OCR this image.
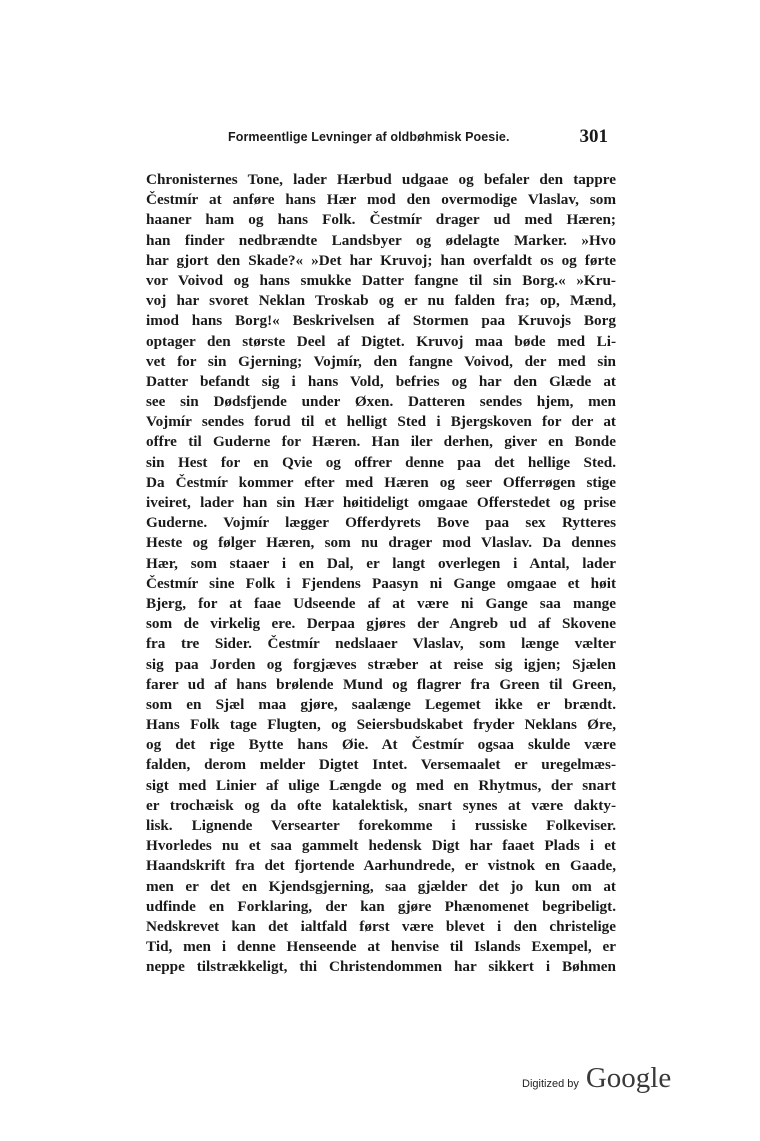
Formeentlige Levninger af oldbøhmisk Poesie.	301
Chronisternes Tone, lader Hærbud udgaae og befaler den tappre
Čestmír at anføre hans Hær mod den overmodige Vlaslav, som
haaner ham og hans Folk. Čestmír drager ud med Hæren;
han finder nedbrændte Landsbyer og ødelagte Marker. »Hvo
har gjort den Skade?« »Det har Kruvoj; han overfaldt os og førte
vor Voivod og hans smukke Datter fangne til sin Borg.« »Kru-
voj har svoret Neklan Troskab og er nu falden fra; op, Mænd,
imod hans Borg!« Beskrivelsen af Stormen paa Kruvojs Borg
optager den største Deel af Digtet. Kruvoj maa bøde med Li-
vet for sin Gjerning; Vojmír, den fangne Voivod, der med sin
Datter befandt sig i hans Vold, befries og har den Glæde at
see sin Dødsfjende under Øxen. Datteren sendes hjem, men
Vojmír sendes forud til et helligt Sted i Bjergskoven for der at
offre til Guderne for Hæren. Han iler derhen, giver en Bonde
sin Hest for en Qvie og offrer denne paa det hellige Sted.
Da Čestmír kommer efter med Hæren og seer Offerrøgen stige
iveiret, lader han sin Hær høitideligt omgaae Offerstedet og prise
Guderne. Vojmír lægger Offerdyrets Bove paa sex Rytteres
Heste og følger Hæren, som nu drager mod Vlaslav. Da dennes
Hær, som staaer i en Dal, er langt overlegen i Antal, lader
Čestmír sine Folk i Fjendens Paasyn ni Gange omgaae et høit
Bjerg, for at faae Udseende af at være ni Gange saa mange
som de virkelig ere. Derpaa gjøres der Angreb ud af Skovene
fra tre Sider. Čestmír nedslaaer Vlaslav, som længe vælter
sig paa Jorden og forgjæves stræber at reise sig igjen; Sjælen
farer ud af hans brølende Mund og flagrer fra Green til Green,
som en Sjæl maa gjøre, saalænge Legemet ikke er brændt.
Hans Folk tage Flugten, og Seiersbudskabet fryder Neklans Øre,
og det rige Bytte hans Øie. At Čestmír ogsaa skulde være
falden, derom melder Digtet Intet. Versemaalet er uregelmæs-
sigt med Linier af ulige Længde og med en Rhytmus, der snart
er trochæisk og da ofte katalektisk, snart synes at være dakty-
lisk. Lignende Versearter forekomme i russiske Folkeviser.
Hvorledes nu et saa gammelt hedensk Digt har faaet Plads i et
Haandskrift fra det fjortende Aarhundrede, er vistnok en Gaade,
men er det en Kjendsgjerning, saa gjælder det jo kun om at
udfinde en Forklaring, der kan gjøre Phænomenet begribeligt.
Nedskrevet kan det ialtfald først være blevet i den christelige
Tid, men i denne Henseende at henvise til Islands Exempel, er
neppe tilstrækkeligt, thi Christendommen har sikkert i Bøhmen
Digitized by Google
